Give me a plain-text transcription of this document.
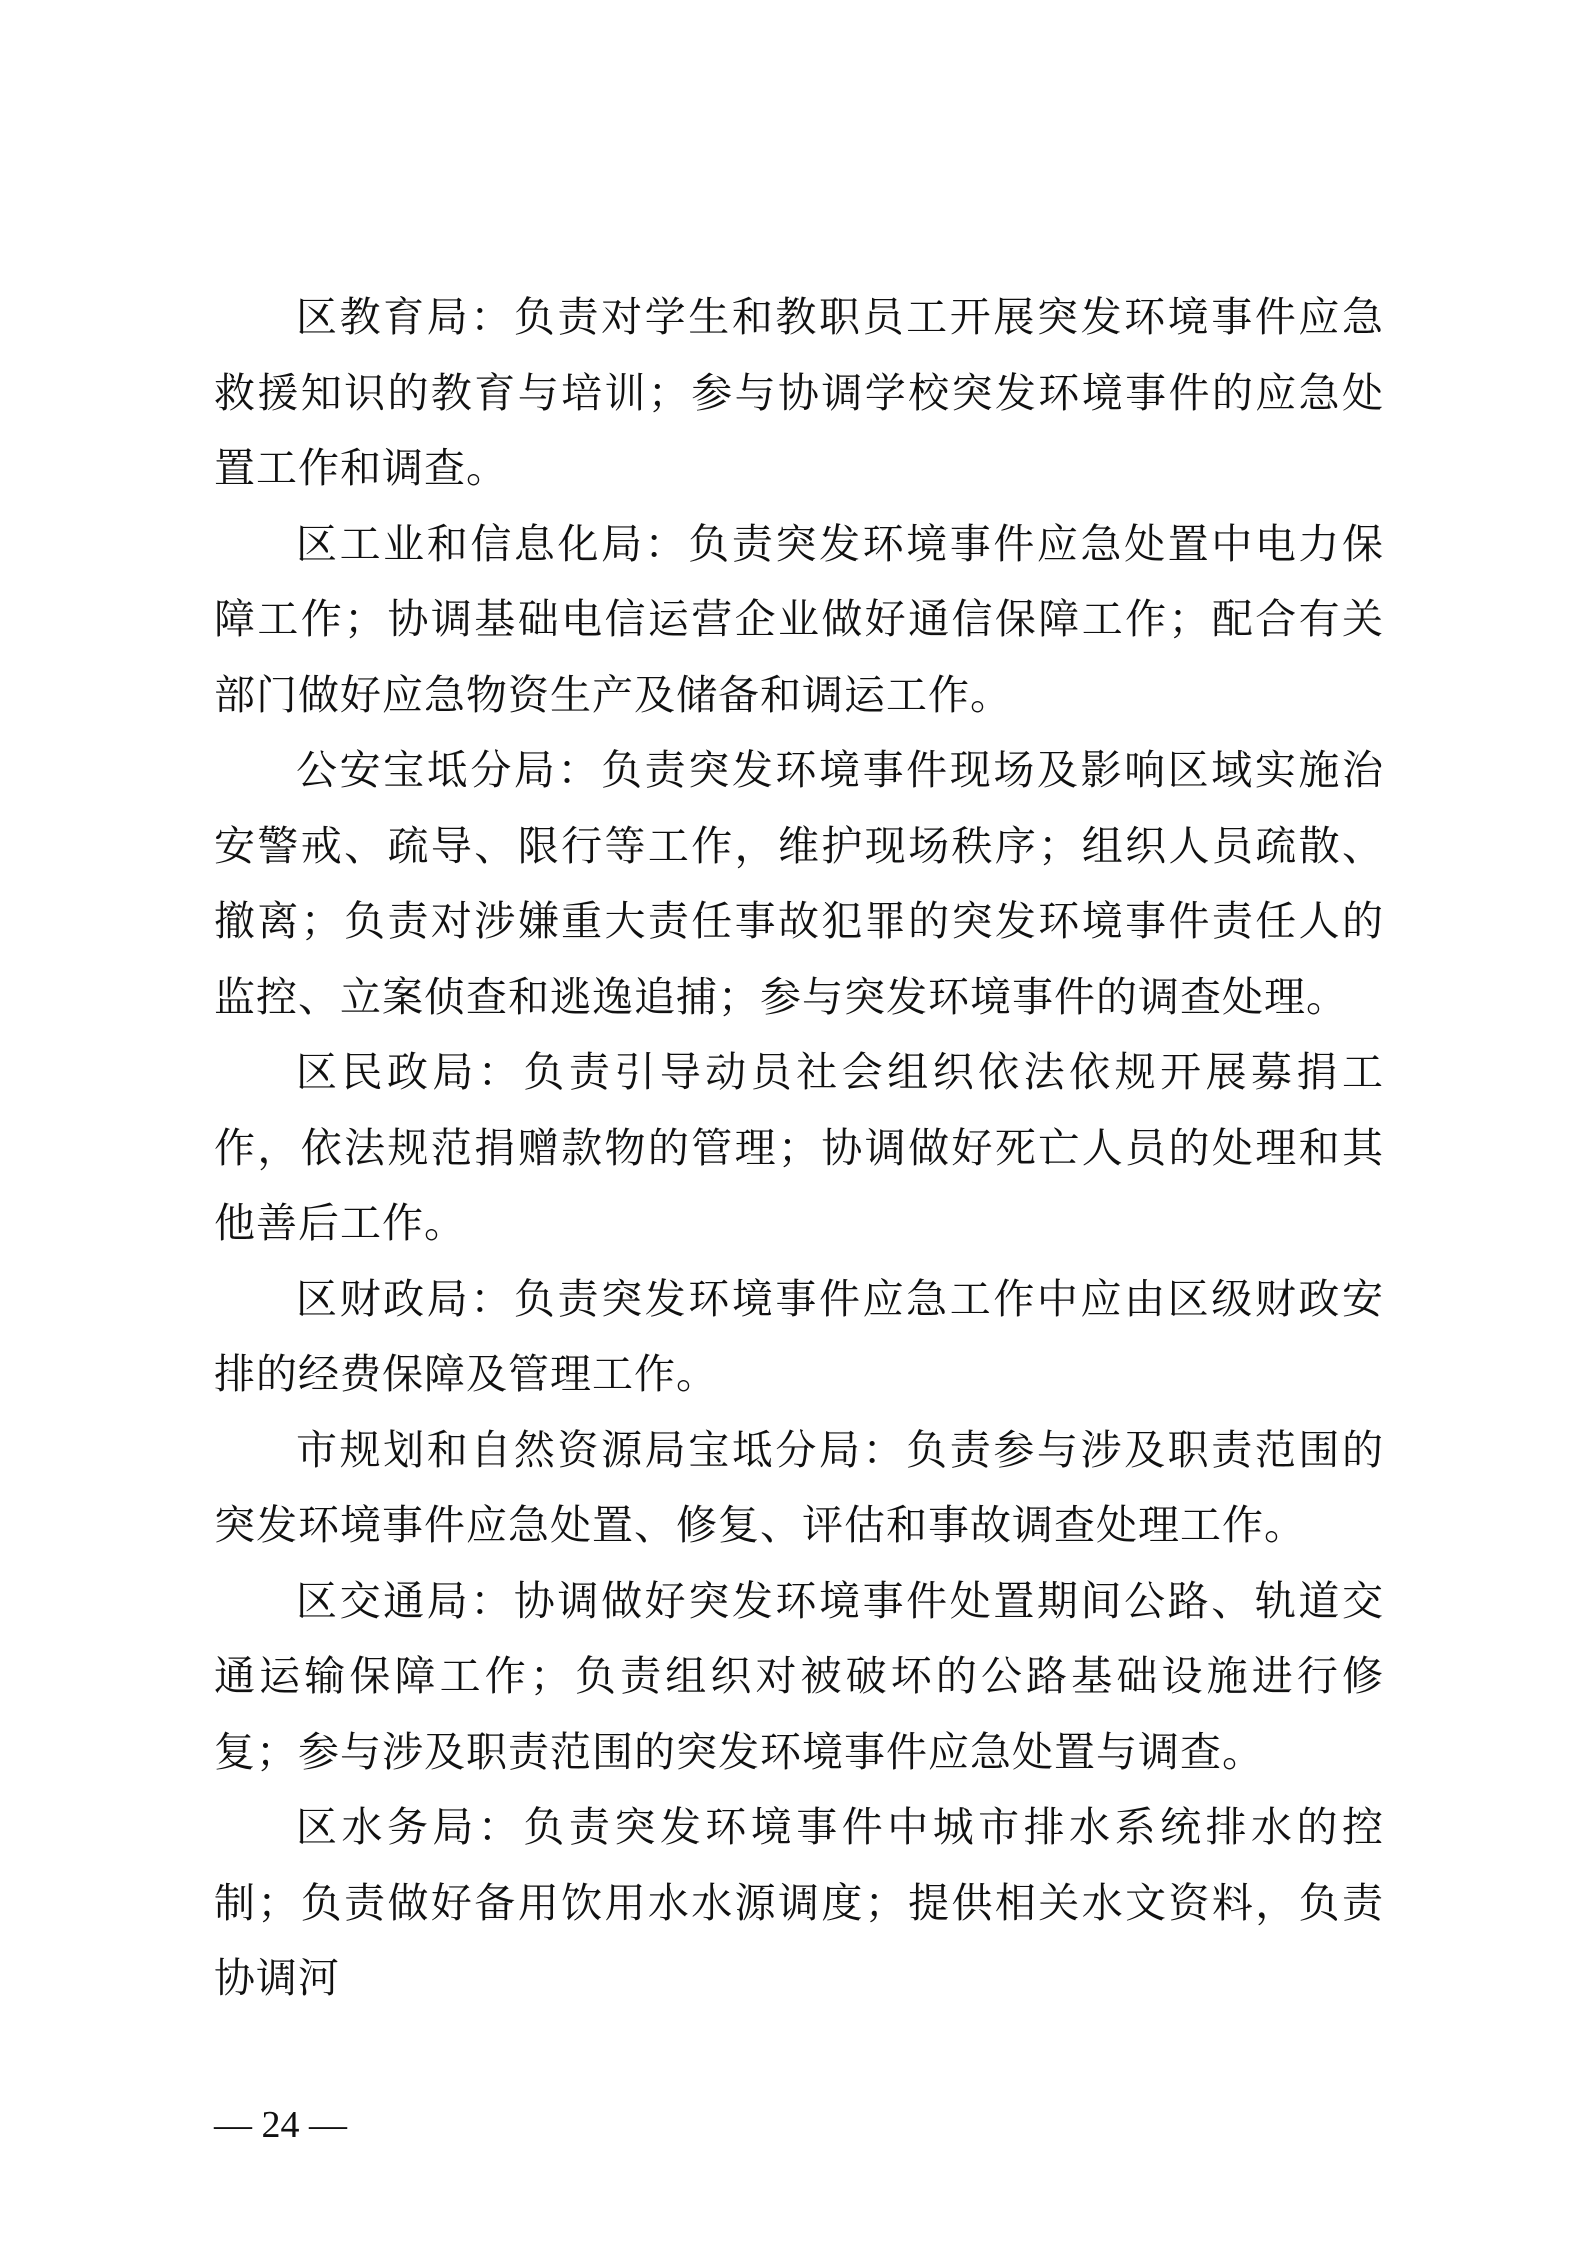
区教育局：负责对学生和教职员工开展突发环境事件应急救援知识的教育与培训；参与协调学校突发环境事件的应急处置工作和调查。

区工业和信息化局：负责突发环境事件应急处置中电力保障工作；协调基础电信运营企业做好通信保障工作；配合有关部门做好应急物资生产及储备和调运工作。

公安宝坻分局：负责突发环境事件现场及影响区域实施治安警戒、疏导、限行等工作，维护现场秩序；组织人员疏散、撤离；负责对涉嫌重大责任事故犯罪的突发环境事件责任人的监控、立案侦查和逃逸追捕；参与突发环境事件的调查处理。

区民政局：负责引导动员社会组织依法依规开展募捐工作，依法规范捐赠款物的管理；协调做好死亡人员的处理和其他善后工作。

区财政局：负责突发环境事件应急工作中应由区级财政安排的经费保障及管理工作。

市规划和自然资源局宝坻分局：负责参与涉及职责范围的突发环境事件应急处置、修复、评估和事故调查处理工作。

区交通局：协调做好突发环境事件处置期间公路、轨道交通运输保障工作；负责组织对被破坏的公路基础设施进行修复；参与涉及职责范围的突发环境事件应急处置与调查。

区水务局：负责突发环境事件中城市排水系统排水的控制；负责做好备用饮用水水源调度；提供相关水文资料，负责协调河

— 24 —
